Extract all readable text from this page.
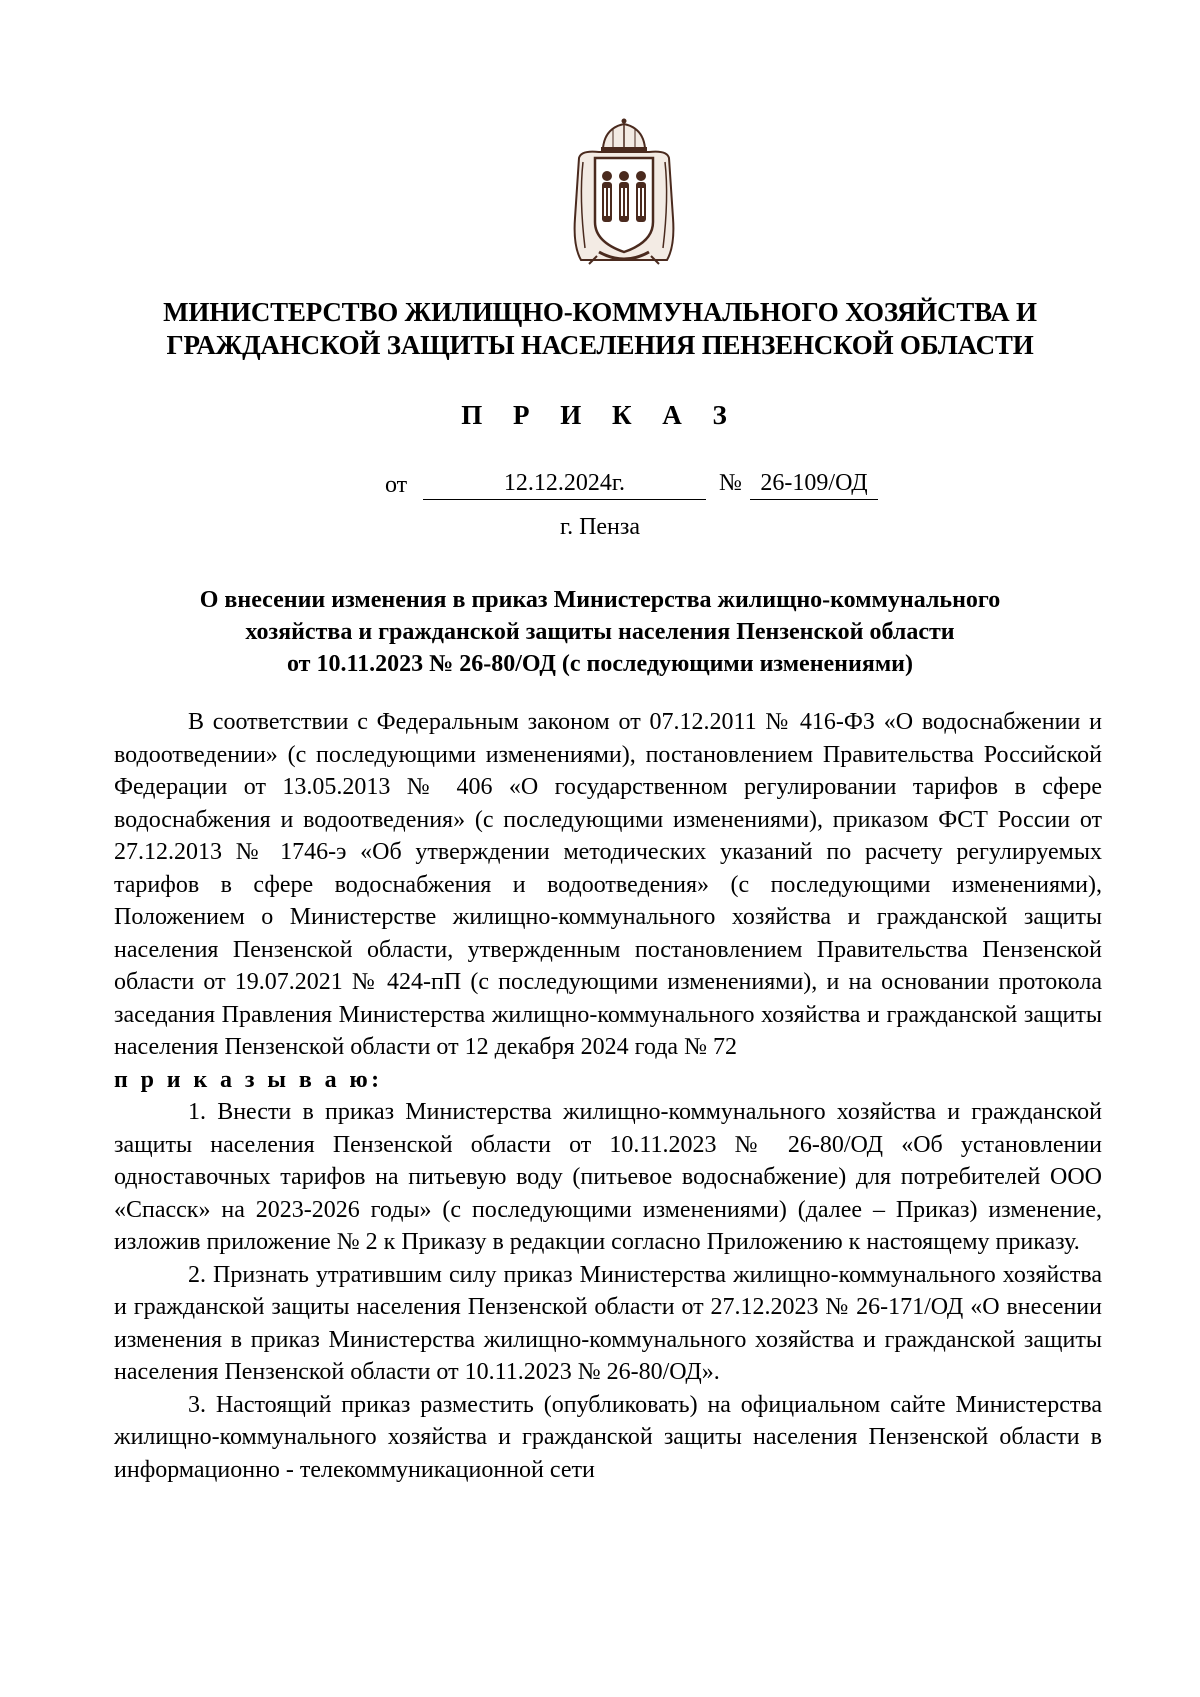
МИНИСТЕРСТВО ЖИЛИЩНО-КОММУНАЛЬНОГО ХОЗЯЙСТВА И
ГРАЖДАНСКОЙ ЗАЩИТЫ НАСЕЛЕНИЯ ПЕНЗЕНСКОЙ ОБЛАСТИ
П Р И К А З
от	12.12.2024г.	№ 26-109/ОД
г. Пенза
О внесении изменения в приказ Министерства жилищно-коммунального
хозяйства и гражданской защиты населения Пензенской области
от 10.11.2023 № 26-80/ОД (с последующими изменениями)

В соответствии с Федеральным законом от 07.12.2011 № 416-ФЗ «О водоснабжении и водоотведении» (с последующими изменениями), постановлением Правительства Российской Федерации от 13.05.2013 № 406 «О государственном регулировании тарифов в сфере водоснабжения и водоотведения» (с последующими изменениями), приказом ФСТ России от 27.12.2013 № 1746-э «Об утверждении методических указаний по расчету регулируемых тарифов в сфере водоснабжения и водоотведения» (с последующими изменениями), Положением о Министерстве жилищно-коммунального хозяйства и гражданской защиты населения Пензенской области, утвержденным постановлением Правительства Пензенской области от 19.07.2021 № 424-пП (с последующими изменениями), и на основании протокола заседания Правления Министерства жилищно-коммунального хозяйства и гражданской защиты населения Пензенской области от 12 декабря 2024 года № 72

п р и к а з ы в а ю:

1. Внести в приказ Министерства жилищно-коммунального хозяйства и гражданской защиты населения Пензенской области от 10.11.2023 № 26-80/ОД «Об установлении одноставочных тарифов на питьевую воду (питьевое водоснабжение) для потребителей ООО «Спасск» на 2023-2026 годы» (с последующими изменениями) (далее – Приказ) изменение, изложив приложение № 2 к Приказу в редакции согласно Приложению к настоящему приказу.

2. Признать утратившим силу приказ Министерства жилищно-коммунального хозяйства и гражданской защиты населения Пензенской области от 27.12.2023 № 26-171/ОД «О внесении изменения в приказ Министерства жилищно-коммунального хозяйства и гражданской защиты населения Пензенской области от 10.11.2023 № 26-80/ОД».

3. Настоящий приказ разместить (опубликовать) на официальном сайте Министерства жилищно-коммунального хозяйства и гражданской защиты населения Пензенской области в информационно - телекоммуникационной сети
